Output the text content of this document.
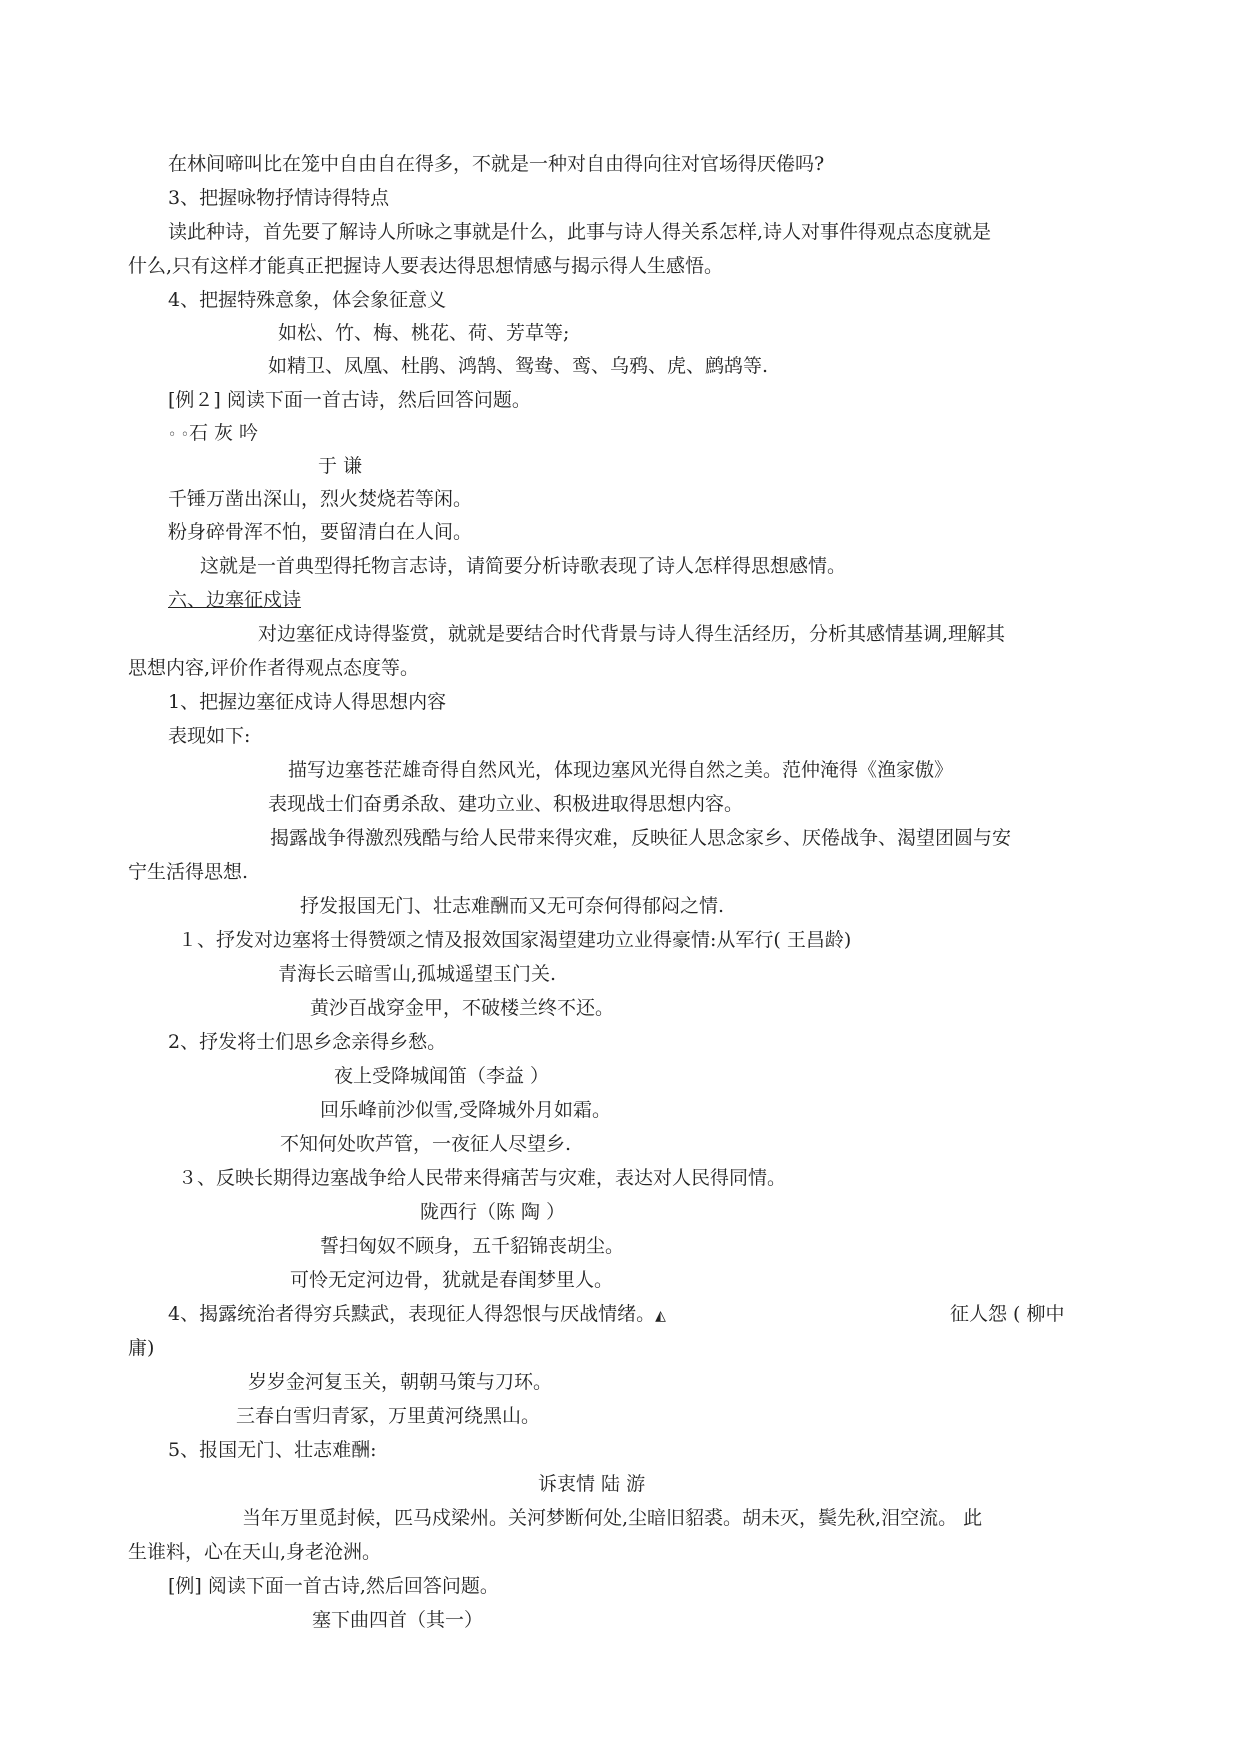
在林间啼叫比在笼中自由自在得多，不就是一种对自由得向往对官场得厌倦吗?
3、把握咏物抒情诗得特点
读此种诗，首先要了解诗人所咏之事就是什么，此事与诗人得关系怎样,诗人对事件得观点态度就是
什么,只有这样才能真正把握诗人要表达得思想情感与揭示得人生感悟。
4、把握特殊意象，体会象征意义
如松、竹、梅、桃花、荷、芳草等;
如精卫、凤凰、杜鹃、鸿鹄、鸳鸯、鸾、乌鸦、虎、鹧鸪等.
[例２] 阅读下面一首古诗，然后回答问题。
◦ ◦石 灰 吟
于 谦
千锤万凿出深山，烈火焚烧若等闲。
粉身碎骨浑不怕，要留清白在人间。
这就是一首典型得托物言志诗，请简要分析诗歌表现了诗人怎样得思想感情。
六、边塞征戍诗
对边塞征戍诗得鉴赏，就就是要结合时代背景与诗人得生活经历，分析其感情基调,理解其
思想内容,评价作者得观点态度等。
1、把握边塞征戍诗人得思想内容
表现如下:
描写边塞苍茫雄奇得自然风光，体现边塞风光得自然之美。范仲淹得《渔家傲》
表现战士们奋勇杀敌、建功立业、积极进取得思想内容。
揭露战争得激烈残酷与给人民带来得灾难，反映征人思念家乡、厌倦战争、渴望团圆与安
宁生活得思想.
抒发报国无门、壮志难酬而又无可奈何得郁闷之情.
１、抒发对边塞将士得赞颂之情及报效国家渴望建功立业得豪情:从军行( 王昌龄)
青海长云暗雪山,孤城遥望玉门关.
黄沙百战穿金甲，不破楼兰终不还。
2、抒发将士们思乡念亲得乡愁。
夜上受降城闻笛（李益 ）
回乐峰前沙似雪,受降城外月如霜。
不知何处吹芦管，一夜征人尽望乡.
３、反映长期得边塞战争给人民带来得痛苦与灾难，表达对人民得同情。
陇西行（陈 陶 ）
誓扫匈奴不顾身，五千貂锦丧胡尘。
可怜无定河边骨，犹就是春闺梦里人。
4、揭露统治者得穷兵黩武，表现征人得怨恨与厌战情绪。◭	征人怨 ( 柳中
庸)
岁岁金河复玉关，朝朝马策与刀环。
三春白雪归青冢，万里黄河绕黑山。
5、报国无门、壮志难酬:
诉衷情 陆 游
当年万里觅封候，匹马戍梁州。关河梦断何处,尘暗旧貂裘。胡未灭，鬓先秋,泪空流。 此
生谁料，心在天山,身老沧洲。
[例] 阅读下面一首古诗,然后回答问题。
塞下曲四首（其一）
